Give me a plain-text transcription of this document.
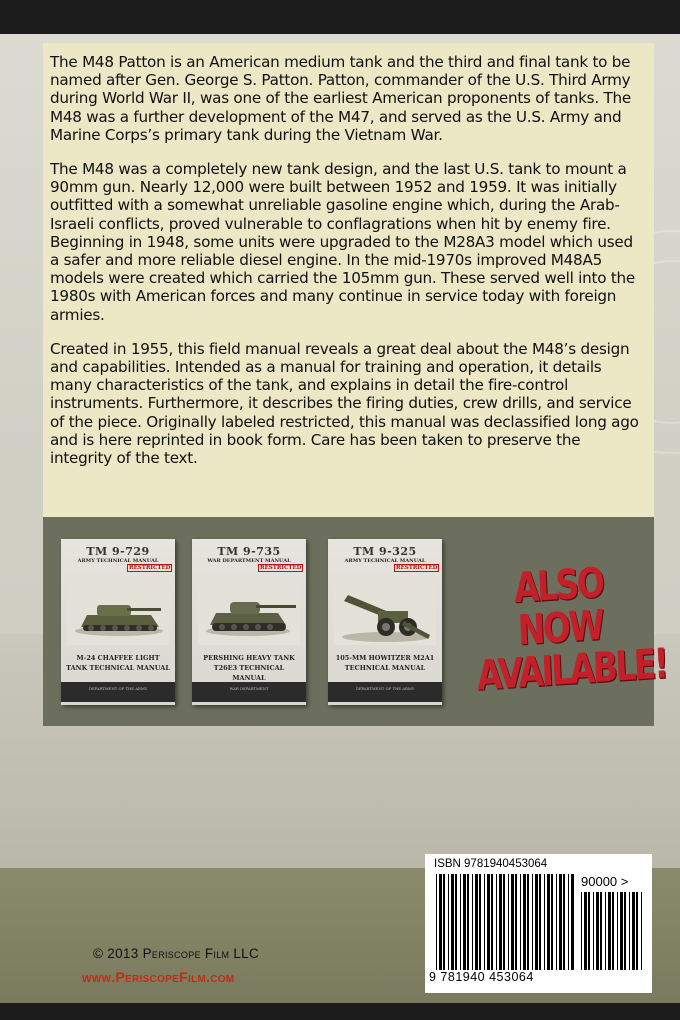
The M48 Patton is an American medium tank and the third and final tank to be named after Gen. George S. Patton. Patton, commander of the U.S. Third Army during World War II, was one of the earliest American proponents of tanks. The M48 was a further development of the M47, and served as the U.S. Army and Marine Corps’s primary tank during the Vietnam War.

The M48 was a completely new tank design, and the last U.S. tank to mount a 90mm gun. Nearly 12,000 were built between 1952 and 1959. It was initially outfitted with a somewhat unreliable gasoline engine which, during the Arab-Israeli conflicts, proved vulnerable to conflagrations when hit by enemy fire. Beginning in 1948, some units were upgraded to the M28A3 model which used a safer and more reliable diesel engine. In the mid-1970s improved M48A5 models were created which carried the 105mm gun. These served well into the 1980s with American forces and many continue in service today with foreign armies.

Created in 1955, this field manual reveals a great deal about the M48’s design and capabilities. Intended as a manual for training and operation, it details many characteristics of the tank, and explains in detail the fire-control instruments. Furthermore, it describes the firing duties, crew drills, and service of the piece. Originally labeled restricted, this manual was declassified long ago and is here reprinted in book form. Care has been taken to preserve the integrity of the text.

TM 9-729
ARMY TECHNICAL MANUAL
RESTRICTED
M-24 CHAFFEE LIGHT TANK TECHNICAL MANUAL
DEPARTMENT OF THE ARMY
TM 9-735
WAR DEPARTMENT MANUAL
RESTRICTED
PERSHING HEAVY TANK T26E3 TECHNICAL MANUAL
WAR DEPARTMENT
TM 9-325
ARMY TECHNICAL MANUAL
RESTRICTED
105-MM HOWITZER M2A1 TECHNICAL MANUAL
DEPARTMENT OF THE ARMY
ALSO NOW
AVAILABLE!
© 2013 Periscope Film LLC
www.PeriscopeFilm.com
ISBN 9781940453064
90000 >
9 781940 453064
